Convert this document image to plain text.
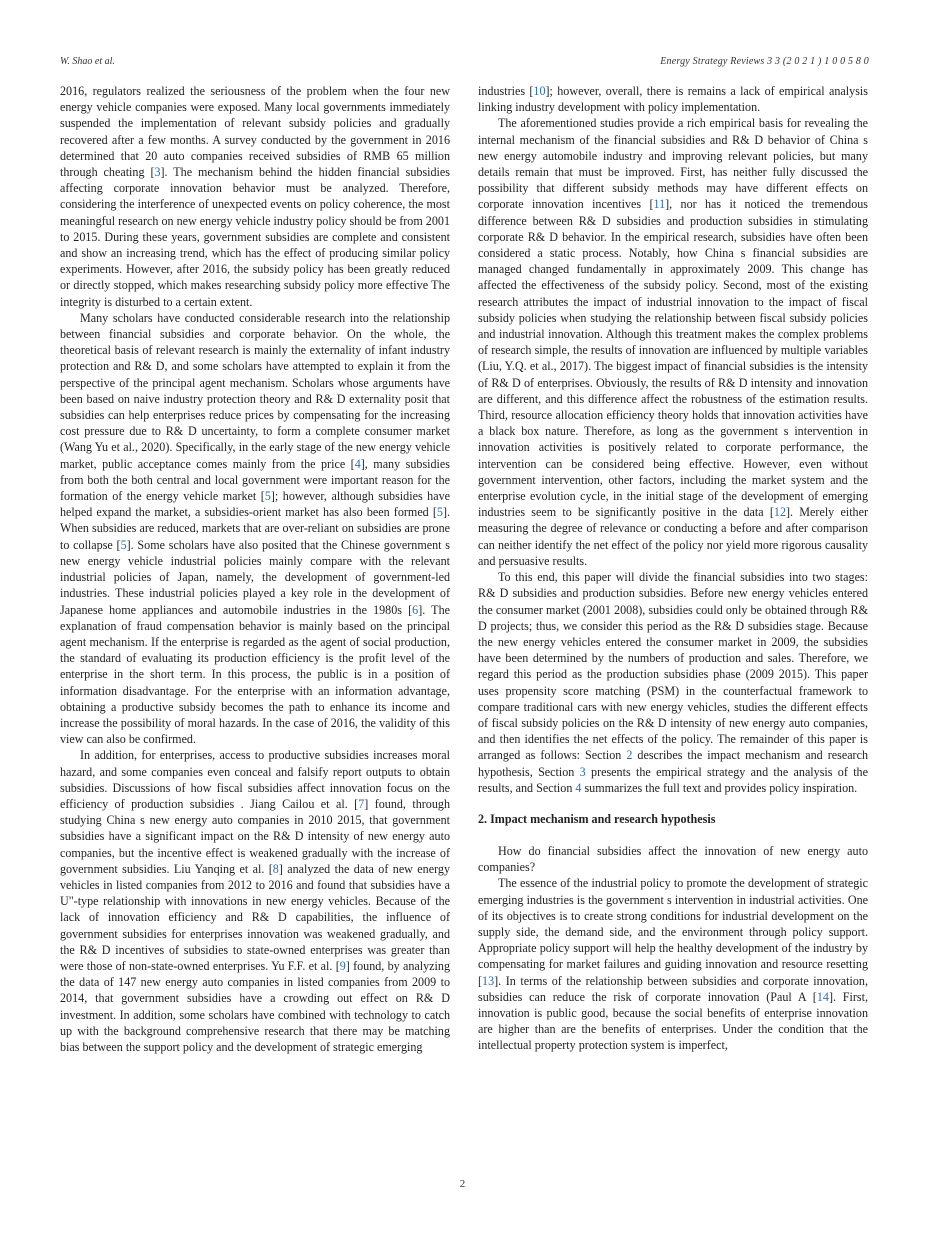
W. Shao et al.	Energy Strategy Reviews 3 3 (2 0 2 1 ) 1 0 0 5 8 0

2016, regulators realized the seriousness of the problem when the four new energy vehicle companies were exposed. Many local governments immediately suspended the implementation of relevant subsidy policies and gradually recovered after a few months. A survey conducted by the government in 2016 determined that 20 auto companies received subsidies of RMB 65 million through cheating [3]. The mechanism behind the hidden financial subsidies affecting corporate innovation behavior must be analyzed. Therefore, considering the interference of unexpected events on policy coherence, the most meaningful research on new energy vehicle industry policy should be from 2001 to 2015. During these years, government subsidies are complete and consistent and show an increasing trend, which has the effect of producing similar policy experiments. However, after 2016, the subsidy policy has been greatly reduced or directly stopped, which makes researching subsidy policy more effective The integrity is disturbed to a certain extent.

Many scholars have conducted considerable research into the relationship between financial subsidies and corporate behavior. On the whole, the theoretical basis of relevant research is mainly the externality of infant industry protection and R& D, and some scholars have attempted to explain it from the perspective of the principal agent mechanism. Scholars whose arguments have been based on naive industry protection theory and R& D externality posit that subsidies can help enterprises reduce prices by compensating for the increasing cost pressure due to R& D uncertainty, to form a complete consumer market (Wang Yu et al., 2020). Specifically, in the early stage of the new energy vehicle market, public acceptance comes mainly from the price [4], many subsidies from both the both central and local government were important reason for the formation of the energy vehicle market [5]; however, although subsidies have helped expand the market, a subsidies-orient market has also been formed [5]. When subsidies are reduced, markets that are over-reliant on subsidies are prone to collapse [5]. Some scholars have also posited that the Chinese government s new energy vehicle industrial policies mainly compare with the relevant industrial policies of Japan, namely, the development of government-led industries. These industrial policies played a key role in the development of Japanese home appliances and automobile industries in the 1980s [6]. The explanation of fraud compensation behavior is mainly based on the principal agent mechanism. If the enterprise is regarded as the agent of social production, the standard of evaluating its production efficiency is the profit level of the enterprise in the short term. In this process, the public is in a position of information disadvantage. For the enterprise with an information advantage, obtaining a productive subsidy becomes the path to enhance its income and increase the possibility of moral hazards. In the case of 2016, the validity of this view can also be confirmed.

In addition, for enterprises, access to productive subsidies increases moral hazard, and some companies even conceal and falsify report outputs to obtain subsidies. Discussions of how fiscal subsidies affect innovation focus on the efficiency of production subsidies . Jiang Cailou et al. [7] found, through studying China s new energy auto companies in 2010 2015, that government subsidies have a significant impact on the R& D intensity of new energy auto companies, but the incentive effect is weakened gradually with the increase of government subsidies. Liu Yanqing et al. [8] analyzed the data of new energy vehicles in listed companies from 2012 to 2016 and found that subsidies have a U"-type relationship with innovations in new energy vehicles. Because of the lack of innovation efficiency and R& D capabilities, the influence of government subsidies for enterprises innovation was weakened gradually, and the R& D incentives of subsidies to state-owned enterprises was greater than were those of non-state-owned enterprises. Yu F.F. et al. [9] found, by analyzing the data of 147 new energy auto companies in listed companies from 2009 to 2014, that government subsidies have a crowding out effect on R& D investment. In addition, some scholars have combined with technology to catch up with the background comprehensive research that there may be matching bias between the support policy and the development of strategic emerging

industries [10]; however, overall, there is remains a lack of empirical analysis linking industry development with policy implementation.

The aforementioned studies provide a rich empirical basis for revealing the internal mechanism of the financial subsidies and R& D behavior of China s new energy automobile industry and improving relevant policies, but many details remain that must be improved. First, has neither fully discussed the possibility that different subsidy methods may have different effects on corporate innovation incentives [11], nor has it noticed the tremendous difference between R& D subsidies and production subsidies in stimulating corporate R& D behavior. In the empirical research, subsidies have often been considered a static process. Notably, how China s financial subsidies are managed changed fundamentally in approximately 2009. This change has affected the effectiveness of the subsidy policy. Second, most of the existing research attributes the impact of industrial innovation to the impact of fiscal subsidy policies when studying the relationship between fiscal subsidy policies and industrial innovation. Although this treatment makes the complex problems of research simple, the results of innovation are influenced by multiple variables (Liu, Y.Q. et al., 2017). The biggest impact of financial subsidies is the intensity of R& D of enterprises. Obviously, the results of R& D intensity and innovation are different, and this difference affect the robustness of the estimation results. Third, resource allocation efficiency theory holds that innovation activities have a black box nature. Therefore, as long as the government s intervention in innovation activities is positively related to corporate performance, the intervention can be considered being effective. However, even without government intervention, other factors, including the market system and the enterprise evolution cycle, in the initial stage of the development of emerging industries seem to be significantly positive in the data [12]. Merely either measuring the degree of relevance or conducting a before and after comparison can neither identify the net effect of the policy nor yield more rigorous causality and persuasive results.

To this end, this paper will divide the financial subsidies into two stages: R& D subsidies and production subsidies. Before new energy vehicles entered the consumer market (2001 2008), subsidies could only be obtained through R& D projects; thus, we consider this period as the R& D subsidies stage. Because the new energy vehicles entered the consumer market in 2009, the subsidies have been determined by the numbers of production and sales. Therefore, we regard this period as the production subsidies phase (2009 2015). This paper uses propensity score matching (PSM) in the counterfactual framework to compare traditional cars with new energy vehicles, studies the different effects of fiscal subsidy policies on the R& D intensity of new energy auto companies, and then identifies the net effects of the policy. The remainder of this paper is arranged as follows: Section 2 describes the impact mechanism and research hypothesis, Section 3 presents the empirical strategy and the analysis of the results, and Section 4 summarizes the full text and provides policy inspiration.

2. Impact mechanism and research hypothesis

How do financial subsidies affect the innovation of new energy auto companies?

The essence of the industrial policy to promote the development of strategic emerging industries is the government s intervention in industrial activities. One of its objectives is to create strong conditions for industrial development on the supply side, the demand side, and the environment through policy support. Appropriate policy support will help the healthy development of the industry by compensating for market failures and guiding innovation and resource resetting [13]. In terms of the relationship between subsidies and corporate innovation, subsidies can reduce the risk of corporate innovation (Paul A [14]. First, innovation is public good, because the social benefits of enterprise innovation are higher than are the benefits of enterprises. Under the condition that the intellectual property protection system is imperfect,

2
